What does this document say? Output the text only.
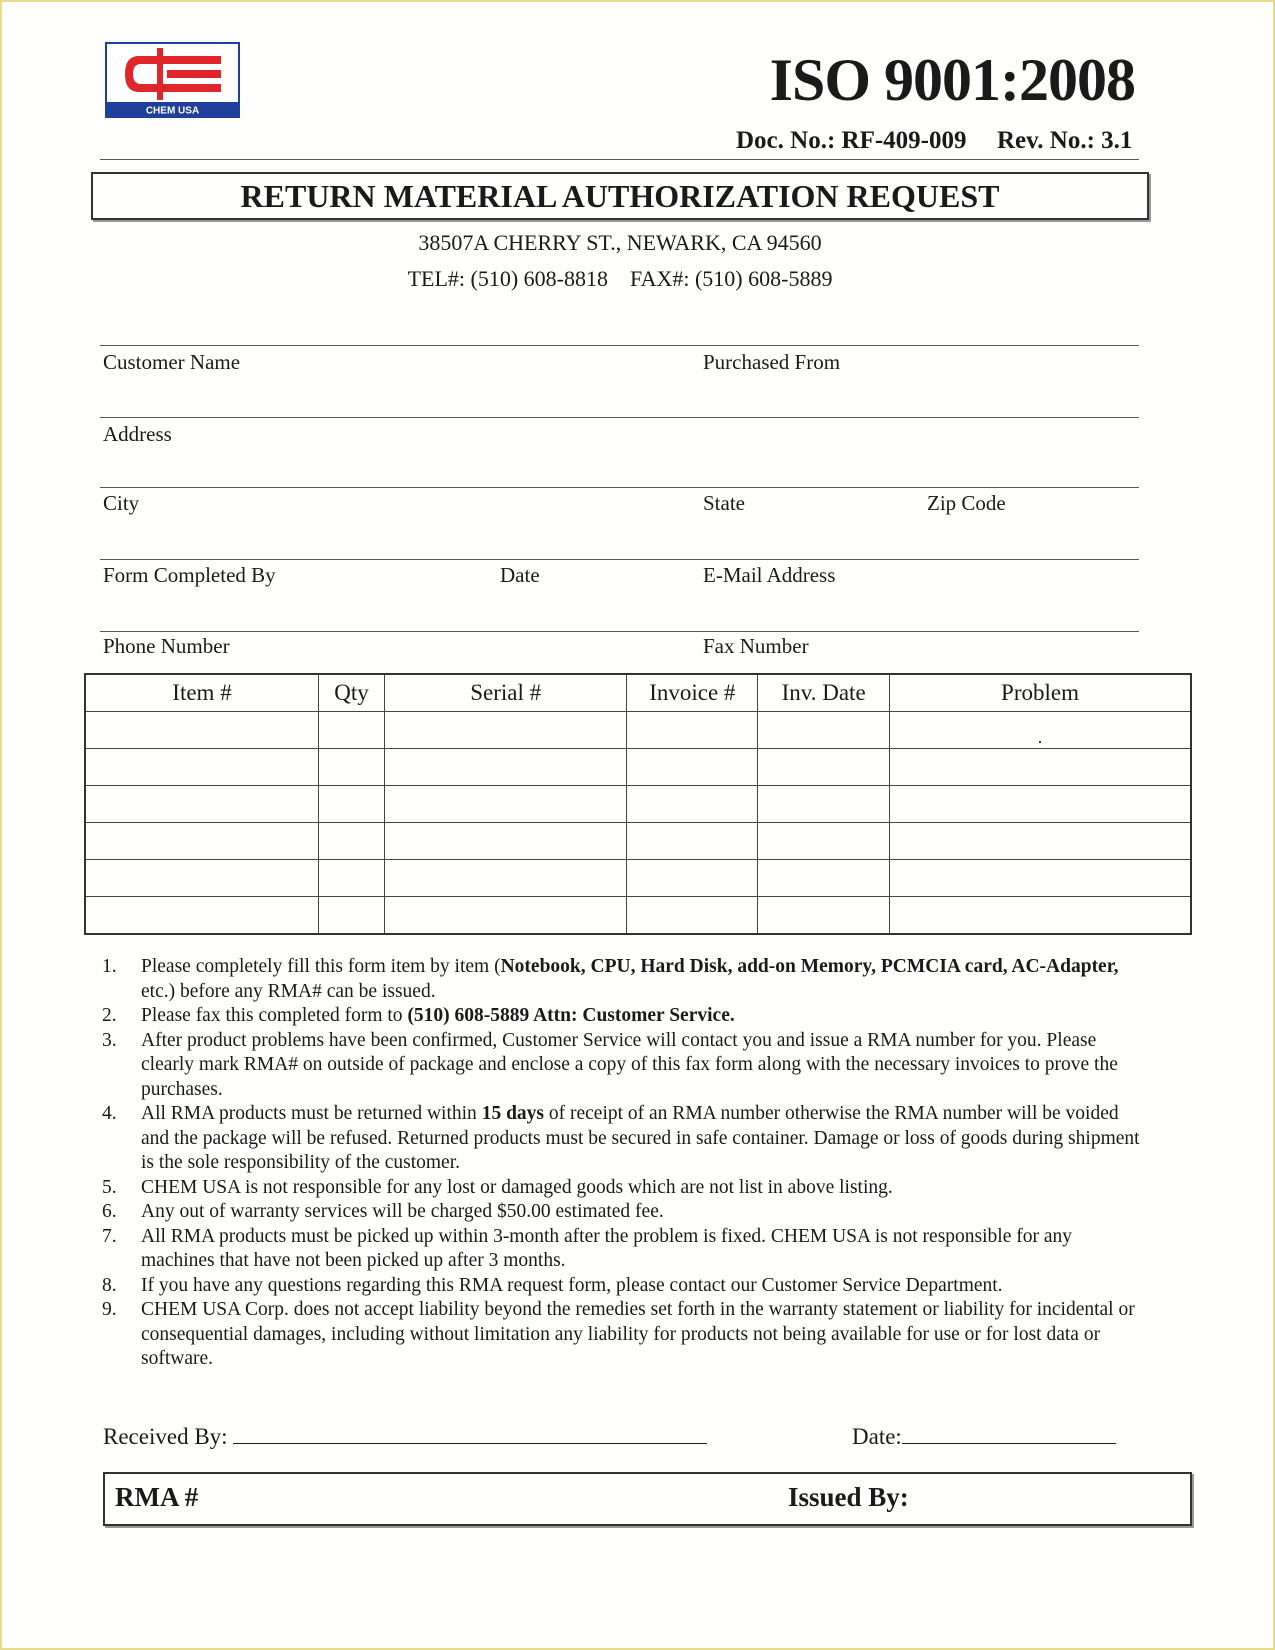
CHEM USA	ISO 9001:2008
Doc. No.: RF-409-009 Rev. No.: 3.1
RETURN MATERIAL AUTHORIZATION REQUEST
38507A CHERRY ST., NEWARK, CA 94560
TEL#: (510) 608-8818    FAX#: (510) 608-5889
Customer Name	Purchased From
Address
City	State	Zip Code
Form Completed By	Date	E-Mail Address
Phone Number	Fax Number
Item #	Qty	Serial #	Invoice #	Inv. Date	Problem
					.

1. Please completely fill this form item by item (Notebook, CPU, Hard Disk, add-on Memory, PCMCIA card, AC-Adapter, etc.) before any RMA# can be issued.
2. Please fax this completed form to (510) 608-5889 Attn: Customer Service.
3. After product problems have been confirmed, Customer Service will contact you and issue a RMA number for you. Please clearly mark RMA# on outside of package and enclose a copy of this fax form along with the necessary invoices to prove the purchases.
4. All RMA products must be returned within 15 days of receipt of an RMA number otherwise the RMA number will be voided and the package will be refused. Returned products must be secured in safe container. Damage or loss of goods during shipment is the sole responsibility of the customer.
5. CHEM USA is not responsible for any lost or damaged goods which are not list in above listing.
6. Any out of warranty services will be charged $50.00 estimated fee.
7. All RMA products must be picked up within 3-month after the problem is fixed. CHEM USA is not responsible for any machines that have not been picked up after 3 months.
8. If you have any questions regarding this RMA request form, please contact our Customer Service Department.
9. CHEM USA Corp. does not accept liability beyond the remedies set forth in the warranty statement or liability for incidental or consequential damages, including without limitation any liability for products not being available for use or for lost data or software.
Received By:	Date:
RMA #	Issued By:
